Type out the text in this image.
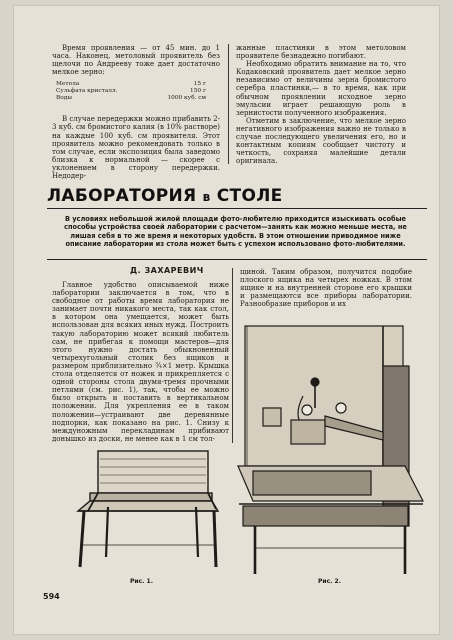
Время проявления — от 45 мин. до 1 часа. Наконец, метоловый проявитель без щелочи по Андрееву тоже дает достаточно мелкое зерно:

Метола	15 г
Сульфата кристалл.	150 г
Воды	1000 куб. см

В случае передержки можно прибавить 2-3 куб. см бромистого калия (в 10% растворе) на каждые 100 куб. см проявителя. Этот проявитель можно рекомендовать только в том случае, если экспозиция была заведомо близка к нормальной — скорее с уклонением в сторону передержки. Недодер-

жанные пластинки в этом метоловом проявителе безнадежно погибают.

Необходимо обратить внимание на то, что Кодаковский проявитель дает мелкое зерно независимо от величины зерна бромистого серебра пластинки,— в то время, как при обычном проявлении исходное зерно эмульсии играет решающую роль в зернистости полученного изображения.

Отметим в заключение, что мелкое зерно негативного изображения важно не только в случае последующего увеличения его, но и контактным копиям сообщает чистоту и четкость, сохраняя малейшие детали оригинала.

ЛАБОРАТОРИЯ в СТОЛЕ
В условиях небольшой жилой площади фото-любителю приходится изыскивать особые способы устройства своей лаборатории с расчетом—занять как можно меньше места, не лишая себя в то же время и некоторых удобств. В этом отношении приводимое ниже описание лаборатории из стола может быть с успехом использовано фото-любителями.
Д. ЗАХАРЕВИЧ

Главное удобство описываемой ниже лаборатории заключается в том, что в свободное от работы время лаборатория не занимает почти никакого места, так как стол, в котором она умещается, может быть использован для всяких иных нужд. Построить такую лабораторию может всякий любитель сам, не прибегая к помощи мастеров—для этого нужно достать обыкновенный четырехугольный столик без ящиков и размером приблизительно ¾×1 метр. Крышка стола отделяется от ножек и прикрепляется с одной стороны стола двумя-тремя прочными петлями (см. рис. 1), так, чтобы ее можно было открыть и поставить в вертикальном положении. Для укрепления ее в таком положении—устраивают две деревянные подпорки, как показано на рис. 1. Снизу к междуножным перекладинам прибивают донышко из доски, не менее как в 1 см тол-

щиной. Таким образом, получится подобие плоского ящика на четырех ножках. В этом ящике и на внутренней стороне его крышки и размещаются все приборы лаборатории. Разнообразие приборов и их

Рис. 1.	Рис. 2.
594
